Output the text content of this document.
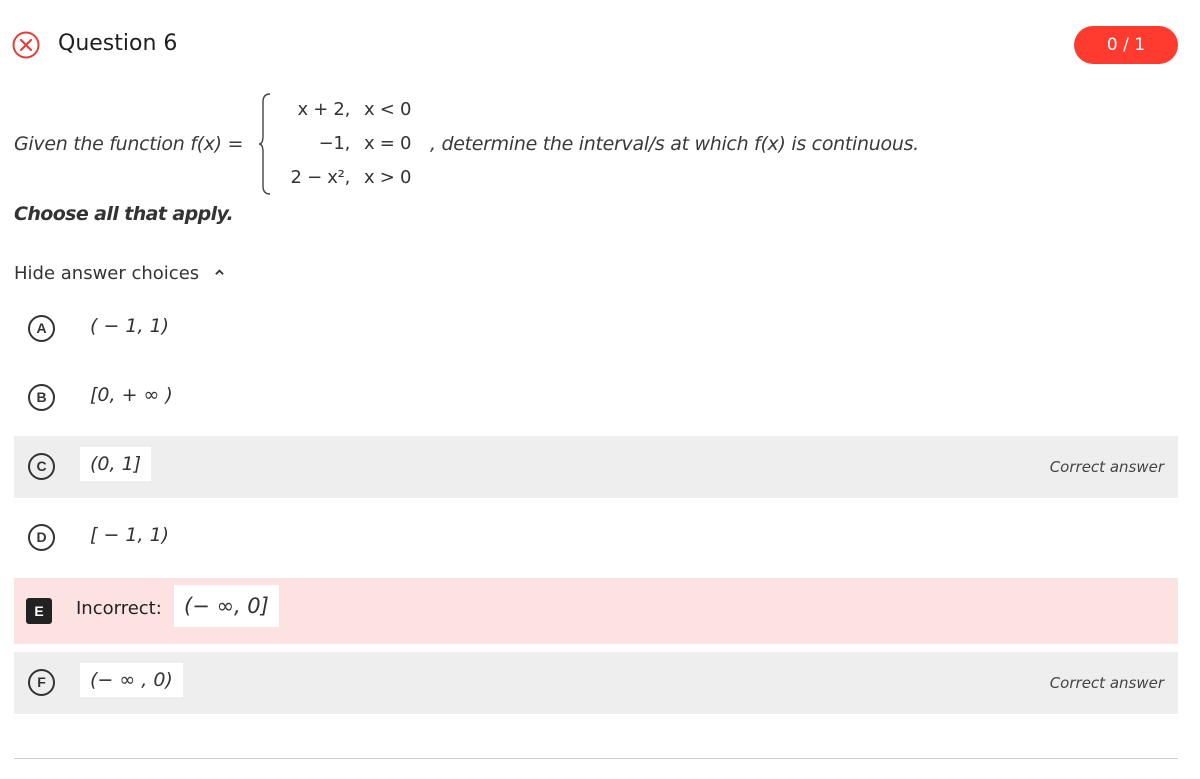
Question 6	0 / 1
Given the function f(x) =
x + 2, x < 0
−1, x = 0
2 − x², x > 0
, determine the interval/s at which f(x) is continuous.
Choose all that apply.
Hide answer choices
A	( − 1, 1)
B	[0, + ∞ )
C	(0, 1]	Correct answer
D	[ − 1, 1)
E	Incorrect:	(− ∞, 0]
F	(− ∞ , 0)	Correct answer
